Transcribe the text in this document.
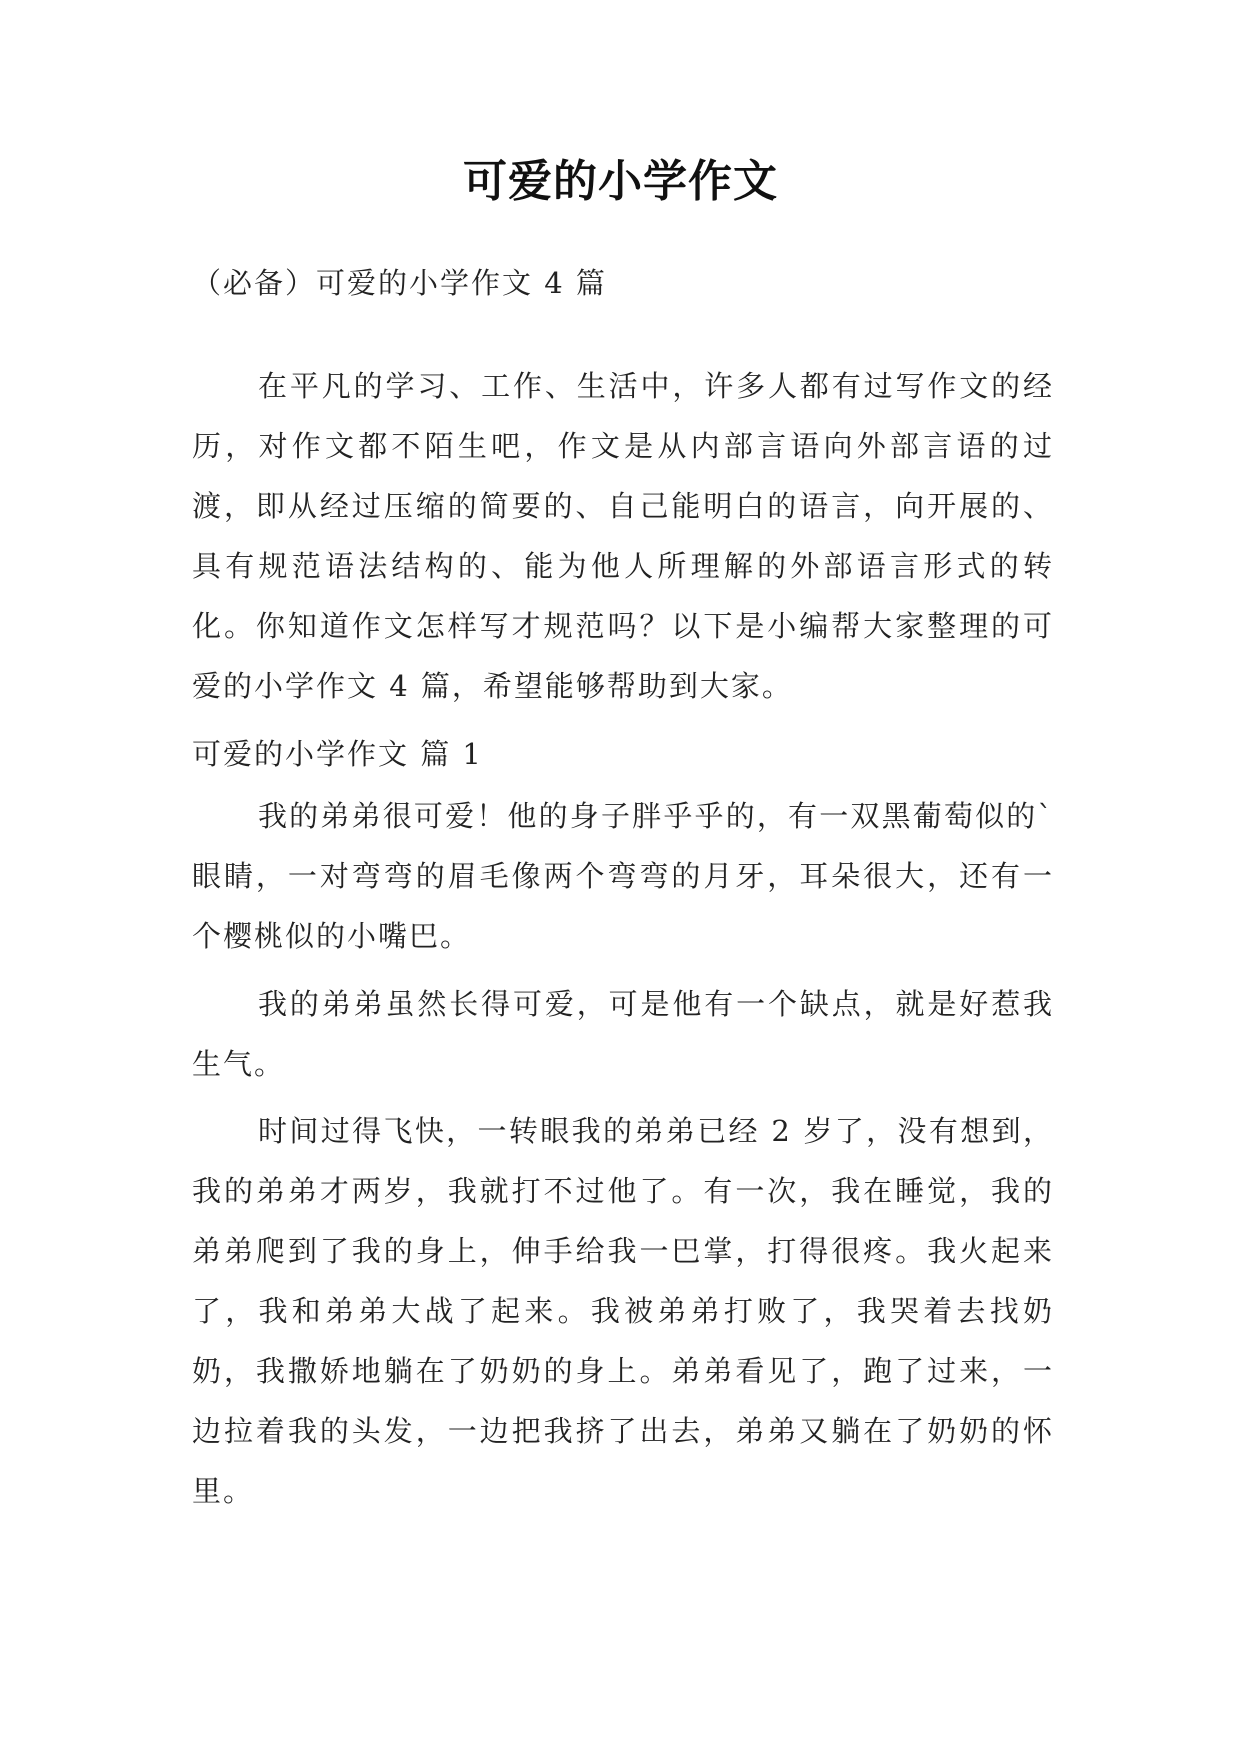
可爱的小学作文
（必备）可爱的小学作文 4 篇
在平凡的学习、工作、生活中，许多人都有过写作文的经历，对作文都不陌生吧，作文是从内部言语向外部言语的过渡，即从经过压缩的简要的、自己能明白的语言，向开展的、具有规范语法结构的、能为他人所理解的外部语言形式的转化。你知道作文怎样写才规范吗？以下是小编帮大家整理的可爱的小学作文 4 篇，希望能够帮助到大家。
可爱的小学作文 篇 1
我的弟弟很可爱！他的身子胖乎乎的，有一双黑葡萄似的`眼睛，一对弯弯的眉毛像两个弯弯的月牙，耳朵很大，还有一个樱桃似的小嘴巴。
我的弟弟虽然长得可爱，可是他有一个缺点，就是好惹我生气。
时间过得飞快，一转眼我的弟弟已经 2 岁了，没有想到，我的弟弟才两岁，我就打不过他了。有一次，我在睡觉，我的弟弟爬到了我的身上，伸手给我一巴掌，打得很疼。我火起来了，我和弟弟大战了起来。我被弟弟打败了，我哭着去找奶奶，我撒娇地躺在了奶奶的身上。弟弟看见了，跑了过来，一边拉着我的头发，一边把我挤了出去，弟弟又躺在了奶奶的怀里。
